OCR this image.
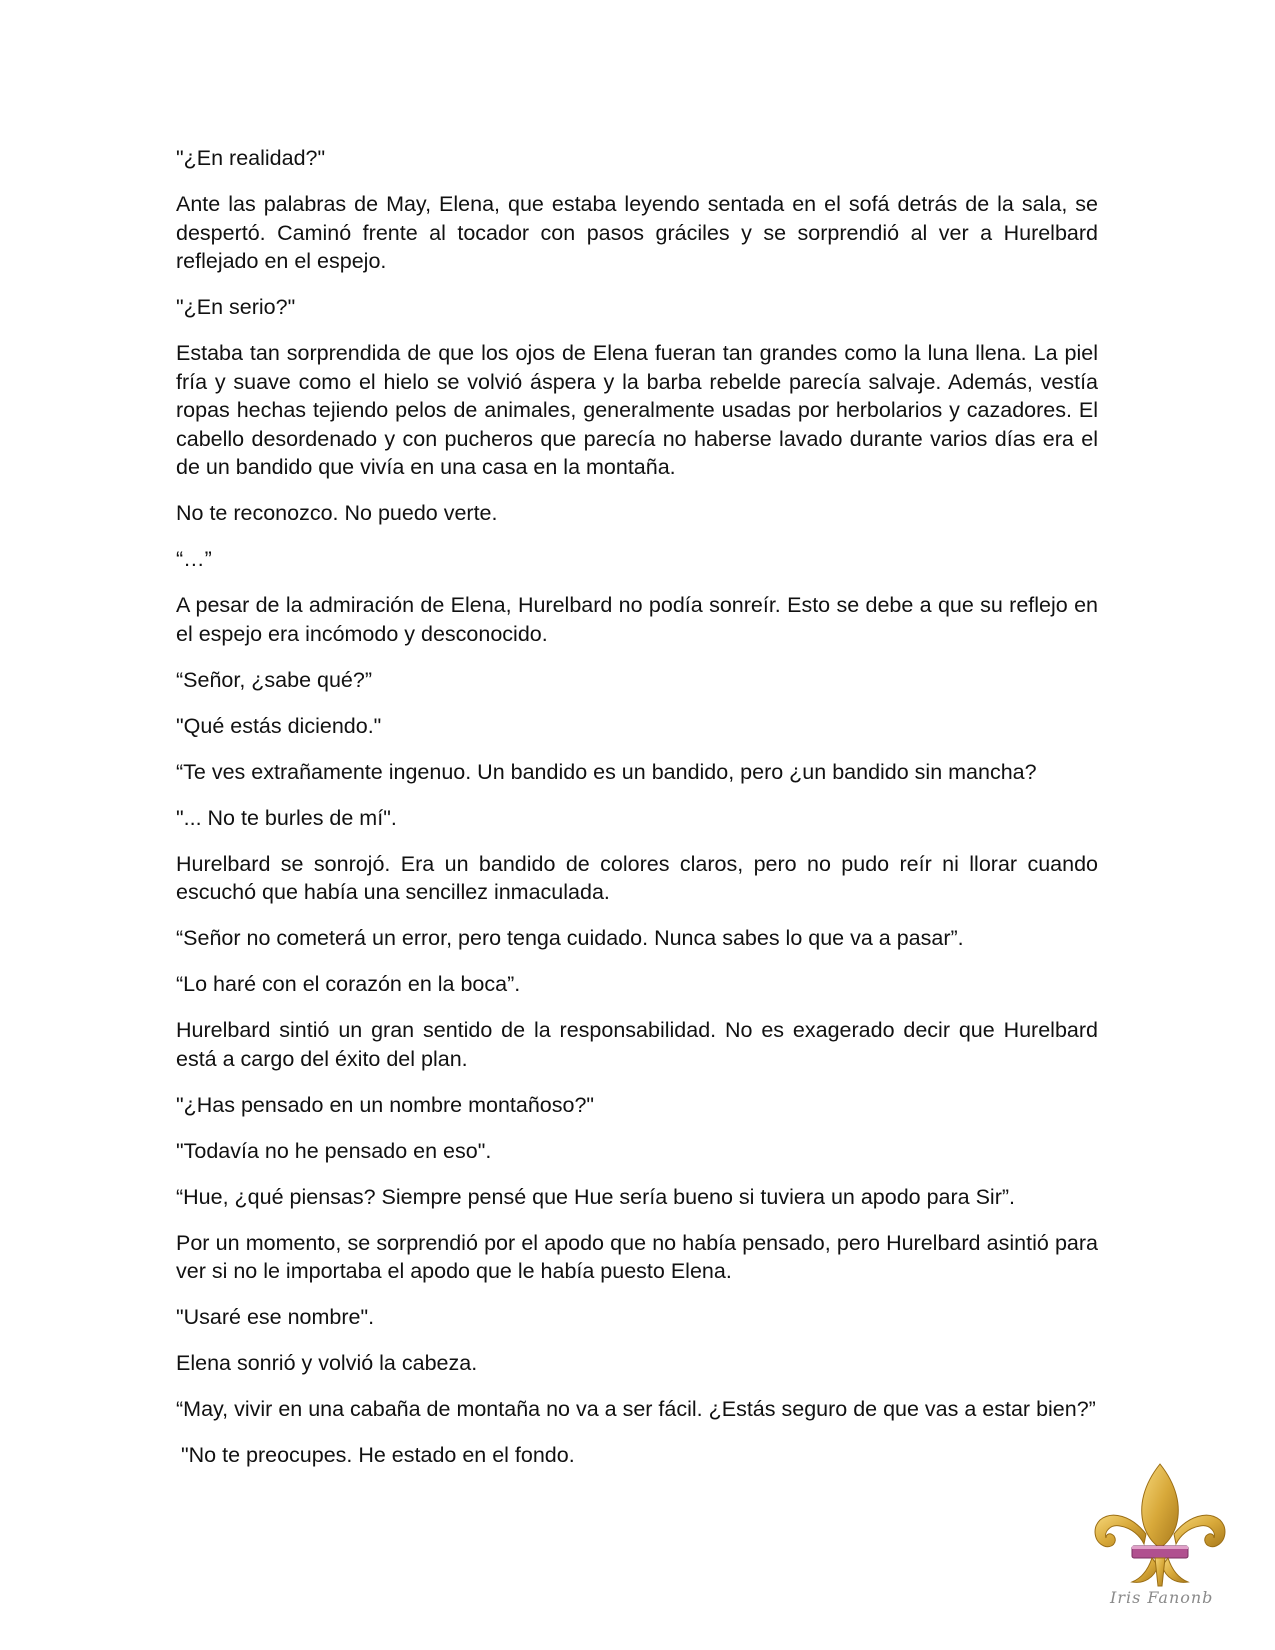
"¿En realidad?"

Ante las palabras de May, Elena, que estaba leyendo sentada en el sofá detrás de la sala, se despertó. Caminó frente al tocador con pasos gráciles y se sorprendió al ver a Hurelbard reflejado en el espejo.

"¿En serio?"

Estaba tan sorprendida de que los ojos de Elena fueran tan grandes como la luna llena. La piel fría y suave como el hielo se volvió áspera y la barba rebelde parecía salvaje. Además, vestía ropas hechas tejiendo pelos de animales, generalmente usadas por herbolarios y cazadores. El cabello desordenado y con pucheros que parecía no haberse lavado durante varios días era el de un bandido que vivía en una casa en la montaña.

No te reconozco. No puedo verte.

“…”

A pesar de la admiración de Elena, Hurelbard no podía sonreír. Esto se debe a que su reflejo en el espejo era incómodo y desconocido.

“Señor, ¿sabe qué?”

"Qué estás diciendo."

“Te ves extrañamente ingenuo. Un bandido es un bandido, pero ¿un bandido sin mancha?

"... No te burles de mí".

Hurelbard se sonrojó. Era un bandido de colores claros, pero no pudo reír ni llorar cuando escuchó que había una sencillez inmaculada.

“Señor no cometerá un error, pero tenga cuidado. Nunca sabes lo que va a pasar”.

“Lo haré con el corazón en la boca”.

Hurelbard sintió un gran sentido de la responsabilidad. No es exagerado decir que Hurelbard está a cargo del éxito del plan.

"¿Has pensado en un nombre montañoso?"

"Todavía no he pensado en eso".

“Hue, ¿qué piensas? Siempre pensé que Hue sería bueno si tuviera un apodo para Sir”.

Por un momento, se sorprendió por el apodo que no había pensado, pero Hurelbard asintió para ver si no le importaba el apodo que le había puesto Elena.

"Usaré ese nombre".

Elena sonrió y volvió la cabeza.

“May, vivir en una cabaña de montaña no va a ser fácil. ¿Estás seguro de que vas a estar bien?”

"No te preocupes. He estado en el fondo.

Iris Fanonb
